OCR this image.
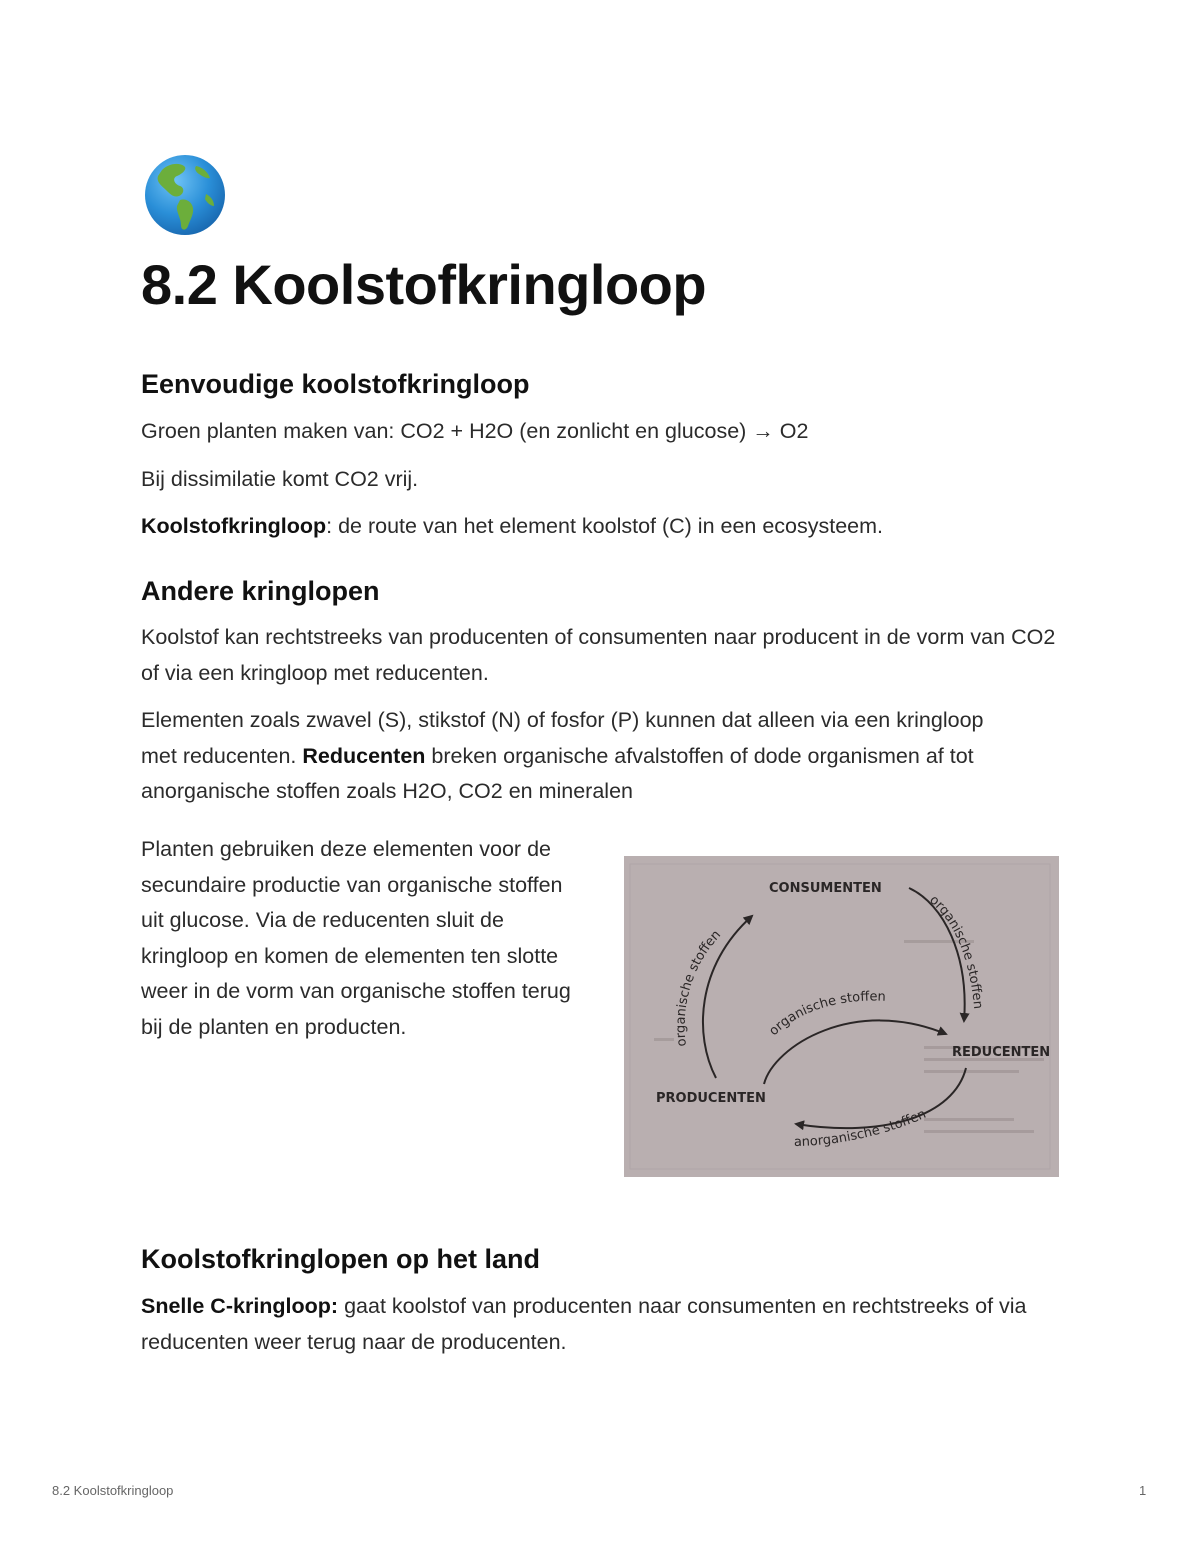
8.2 Koolstofkringloop
Eenvoudige koolstofkringloop

Groen planten maken van: CO2 + H2O (en zonlicht en glucose) → O2

Bij dissimilatie komt CO2 vrij.

Koolstofkringloop: de route van het element koolstof (C) in een ecosysteem.

Andere kringlopen

Koolstof kan rechtstreeks van producenten of consumenten naar producent in de vorm van CO2 of via een kringloop met reducenten.

Elementen zoals zwavel (S), stikstof (N) of fosfor (P) kunnen dat alleen via een kringloop met reducenten. Reducenten breken organische afvalstoffen of dode organismen af tot anorganische stoffen zoals H2O, CO2 en mineralen

Planten gebruiken deze elementen voor de secundaire productie van organische stoffen uit glucose. Via de reducenten sluit de kringloop en komen de elementen ten slotte weer in de vorm van organische stoffen terug bij de planten en producten.

CONSUMENTEN
REDUCENTEN
PRODUCENTEN
organische stoffen
organische stoffen
organische stoffen
anorganische stoffen
Koolstofkringlopen op het land

Snelle C-kringloop: gaat koolstof van producenten naar consumenten en rechtstreeks of via reducenten weer terug naar de producenten.

8.2 Koolstofkringloop	1
